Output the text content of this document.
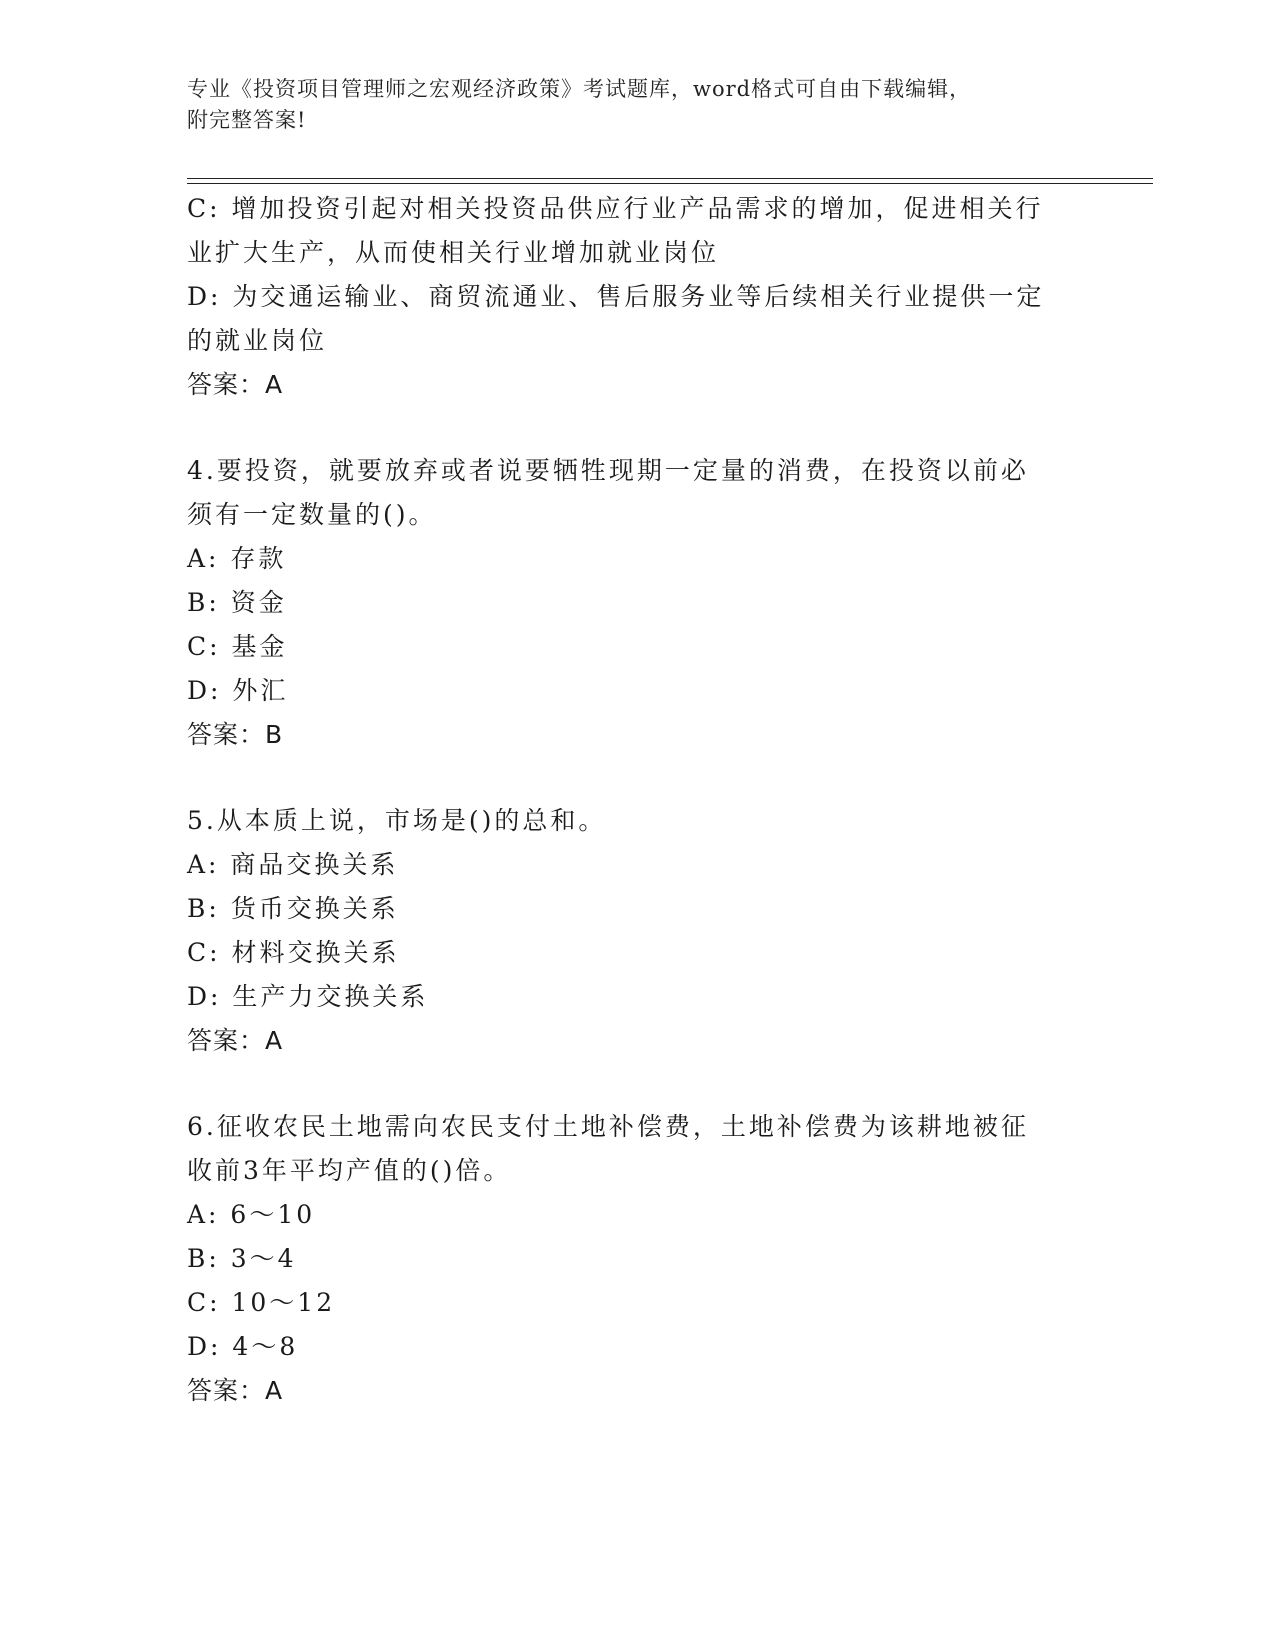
专业《投资项目管理师之宏观经济政策》考试题库，word格式可自由下载编辑，
附完整答案!
C: 增加投资引起对相关投资品供应行业产品需求的增加，促进相关行
业扩大生产，从而使相关行业增加就业岗位
D: 为交通运输业、商贸流通业、售后服务业等后续相关行业提供一定
的就业岗位
答案：A
4.要投资，就要放弃或者说要牺牲现期一定量的消费，在投资以前必
须有一定数量的()。
A: 存款
B: 资金
C: 基金
D: 外汇
答案：B
5.从本质上说，市场是()的总和。
A: 商品交换关系
B: 货币交换关系
C: 材料交换关系
D: 生产力交换关系
答案：A
6.征收农民土地需向农民支付土地补偿费，土地补偿费为该耕地被征
收前3年平均产值的()倍。
A: 6～10
B: 3～4
C: 10～12
D: 4～8
答案：A
